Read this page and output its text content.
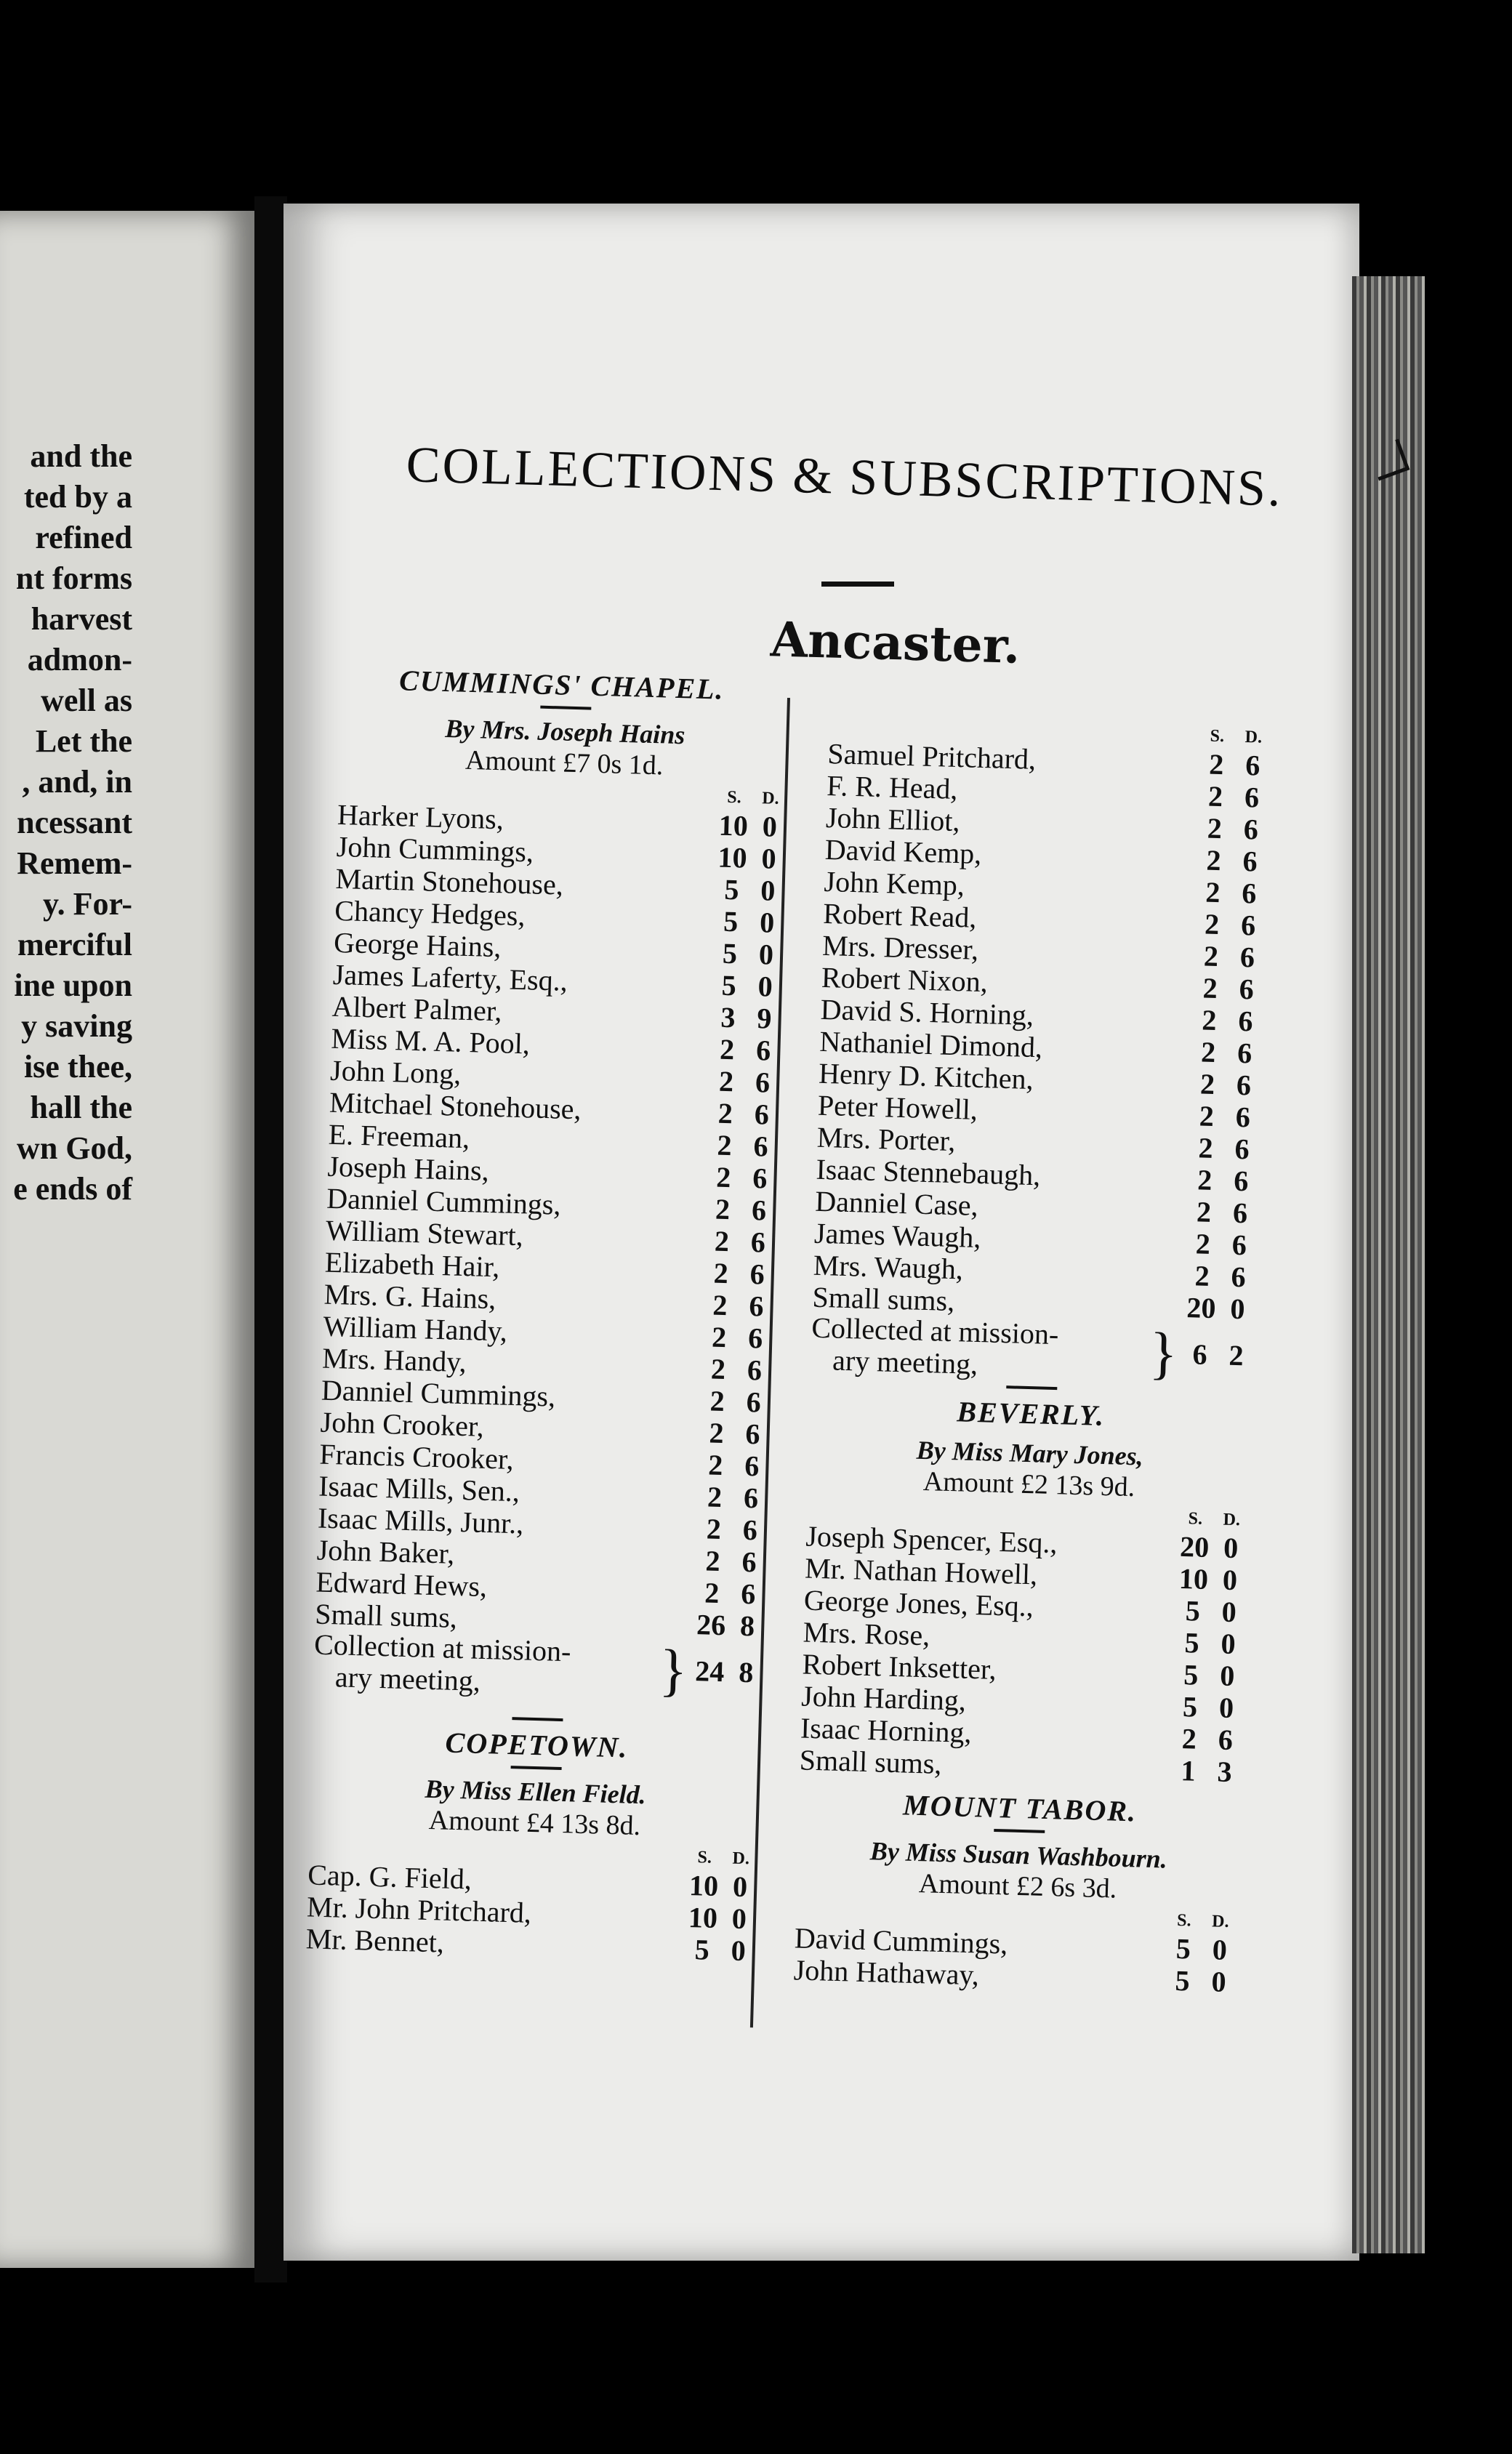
and the
ted by a
refined
nt forms
harvest
admon-
well as
Let the
, and, in
ncessant
Remem-
y. For-
merciful
ine upon
y saving
ise thee,
hall the
wn God,
e ends of
COLLECTIONS & SUBSCRIPTIONS.
Ancaster.
CUMMINGS' CHAPEL.
By Mrs. Joseph Hains
Amount £7 0s 1d.
S.	D.
Harker Lyons,	10 0
John Cummings,	10 0
Martin Stonehouse,	5 0
Chancy Hedges,	5 0
George Hains,	5 0
James Laferty, Esq.,	5 0
Albert Palmer,	3 9
Miss M. A. Pool,	2 6
John Long,	2 6
Mitchael Stonehouse,	2 6
E. Freeman,	2 6
Joseph Hains,	2 6
Danniel Cummings,	2 6
William Stewart,	2 6
Elizabeth Hair,	2 6
Mrs. G. Hains,	2 6
William Handy,	2 6
Mrs. Handy,	2 6
Danniel Cummings,	2 6
John Crooker,	2 6
Francis Crooker,	2 6
Isaac Mills, Sen.,	2 6
Isaac Mills, Junr.,	2 6
John Baker,	2 6
Edward Hews,	2 6
Small sums,	26 8
Collection at mission-
ary meeting,	} 24 8
COPETOWN.
By Miss Ellen Field.
Amount £4 13s 8d.
S.	D.
Cap. G. Field,	10 0
Mr. John Pritchard,	10 0
Mr. Bennet,	5 0
S.	D.
Samuel Pritchard,	2 6
F. R. Head,	2 6
John Elliot,	2 6
David Kemp,	2 6
John Kemp,	2 6
Robert Read,	2 6
Mrs. Dresser,	2 6
Robert Nixon,	2 6
David S. Horning,	2 6
Nathaniel Dimond,	2 6
Henry D. Kitchen,	2 6
Peter Howell,	2 6
Mrs. Porter,	2 6
Isaac Stennebaugh,	2 6
Danniel Case,	2 6
James Waugh,	2 6
Mrs. Waugh,	2 6
Small sums,	20 0
Collected at mission-
ary meeting,	} 6 2
BEVERLY.
By Miss Mary Jones,
Amount £2 13s 9d.
S.	D.
Joseph Spencer, Esq.,	20 0
Mr. Nathan Howell,	10 0
George Jones, Esq.,	5 0
Mrs. Rose,	5 0
Robert Inksetter,	5 0
John Harding,	5 0
Isaac Horning,	2 6
Small sums,	1 3
MOUNT TABOR.
By Miss Susan Washbourn.
Amount £2 6s 3d.
S.	D.
David Cummings,	5 0
John Hathaway,	5 0
